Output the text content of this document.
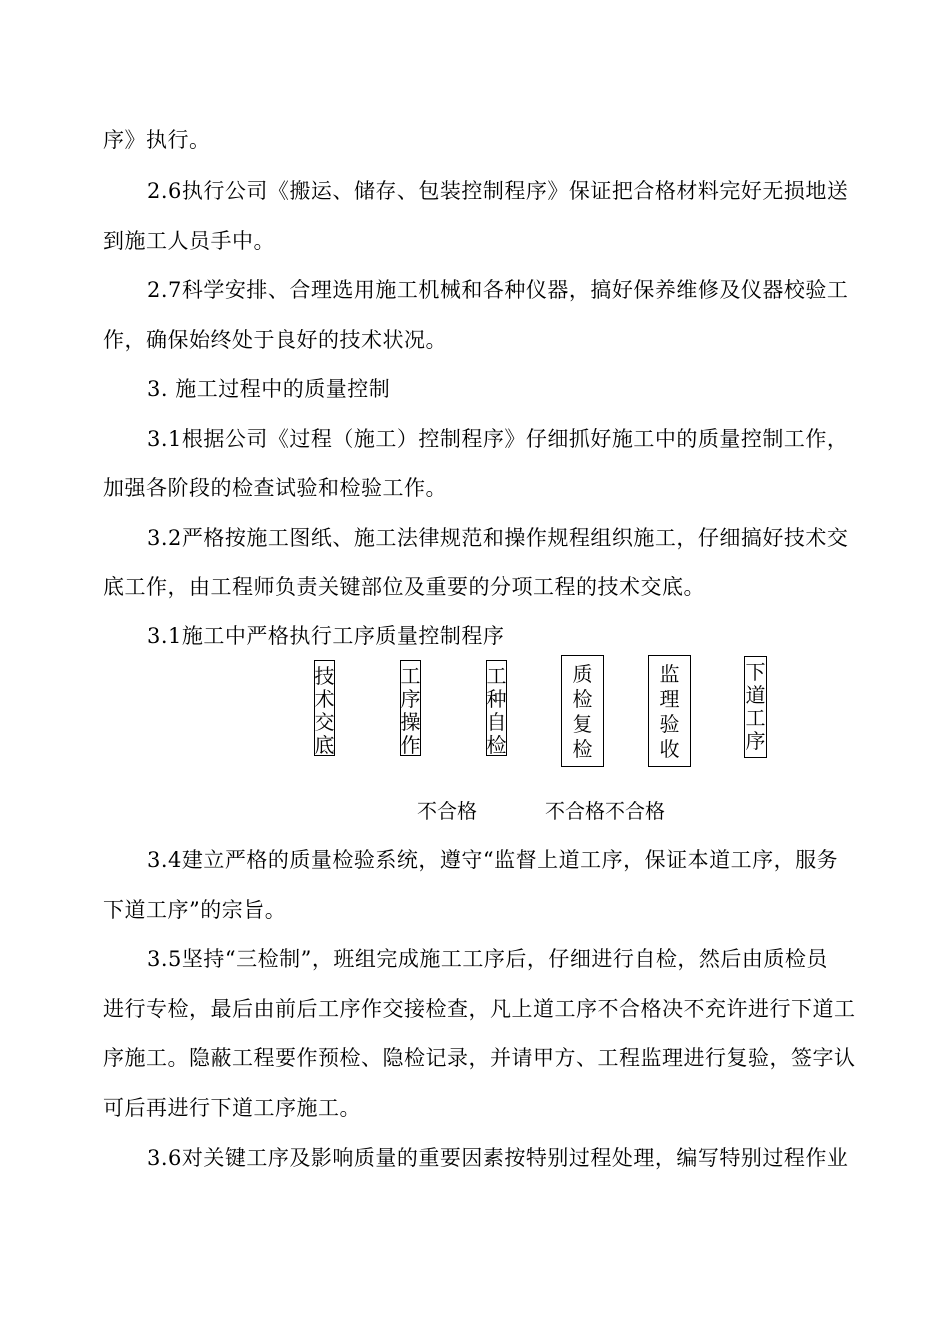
序》执行。
2.6执行公司《搬运、储存、包装控制程序》保证把合格材料完好无损地送
到施工人员手中。
2.7科学安排、合理选用施工机械和各种仪器，搞好保养维修及仪器校验工
作，确保始终处于良好的技术状况。
3. 施工过程中的质量控制
3.1根据公司《过程（施工）控制程序》仔细抓好施工中的质量控制工作，
加强各阶段的检查试验和检验工作。
3.2严格按施工图纸、施工法律规范和操作规程组织施工，仔细搞好技术交
底工作，由工程师负责关键部位及重要的分项工程的技术交底。
3.1施工中严格执行工序质量控制程序
技
术
交
底
工
序
操
作
工
种
自
检
质
检
复
检
监
理
验
收
下
道
工
序
不合格	不合格不合格
3.4建立严格的质量检验系统，遵守“监督上道工序，保证本道工序，服务
下道工序”的宗旨。
3.5坚持“三检制”，班组完成施工工序后，仔细进行自检，然后由质检员
进行专检，最后由前后工序作交接检查，凡上道工序不合格决不充许进行下道工
序施工。隐蔽工程要作预检、隐检记录，并请甲方、工程监理进行复验，签字认
可后再进行下道工序施工。
3.6对关键工序及影响质量的重要因素按特别过程处理，编写特别过程作业
